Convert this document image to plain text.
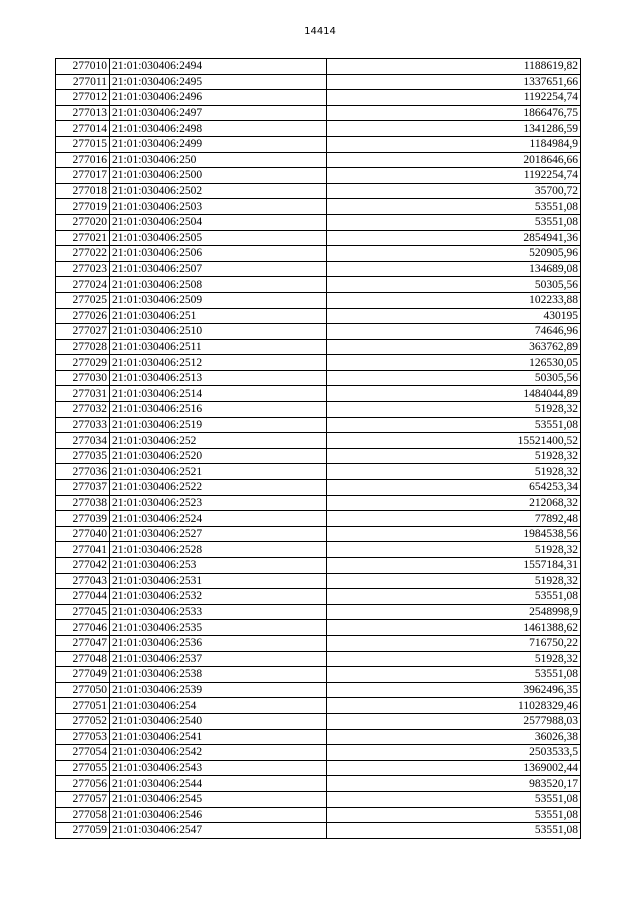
14414
277010	21:01:030406:2494	1188619,82
277011	21:01:030406:2495	1337651,66
277012	21:01:030406:2496	1192254,74
277013	21:01:030406:2497	1866476,75
277014	21:01:030406:2498	1341286,59
277015	21:01:030406:2499	1184984,9
277016	21:01:030406:250	2018646,66
277017	21:01:030406:2500	1192254,74
277018	21:01:030406:2502	35700,72
277019	21:01:030406:2503	53551,08
277020	21:01:030406:2504	53551,08
277021	21:01:030406:2505	2854941,36
277022	21:01:030406:2506	520905,96
277023	21:01:030406:2507	134689,08
277024	21:01:030406:2508	50305,56
277025	21:01:030406:2509	102233,88
277026	21:01:030406:251	430195
277027	21:01:030406:2510	74646,96
277028	21:01:030406:2511	363762,89
277029	21:01:030406:2512	126530,05
277030	21:01:030406:2513	50305,56
277031	21:01:030406:2514	1484044,89
277032	21:01:030406:2516	51928,32
277033	21:01:030406:2519	53551,08
277034	21:01:030406:252	15521400,52
277035	21:01:030406:2520	51928,32
277036	21:01:030406:2521	51928,32
277037	21:01:030406:2522	654253,34
277038	21:01:030406:2523	212068,32
277039	21:01:030406:2524	77892,48
277040	21:01:030406:2527	1984538,56
277041	21:01:030406:2528	51928,32
277042	21:01:030406:253	1557184,31
277043	21:01:030406:2531	51928,32
277044	21:01:030406:2532	53551,08
277045	21:01:030406:2533	2548998,9
277046	21:01:030406:2535	1461388,62
277047	21:01:030406:2536	716750,22
277048	21:01:030406:2537	51928,32
277049	21:01:030406:2538	53551,08
277050	21:01:030406:2539	3962496,35
277051	21:01:030406:254	11028329,46
277052	21:01:030406:2540	2577988,03
277053	21:01:030406:2541	36026,38
277054	21:01:030406:2542	2503533,5
277055	21:01:030406:2543	1369002,44
277056	21:01:030406:2544	983520,17
277057	21:01:030406:2545	53551,08
277058	21:01:030406:2546	53551,08
277059	21:01:030406:2547	53551,08
